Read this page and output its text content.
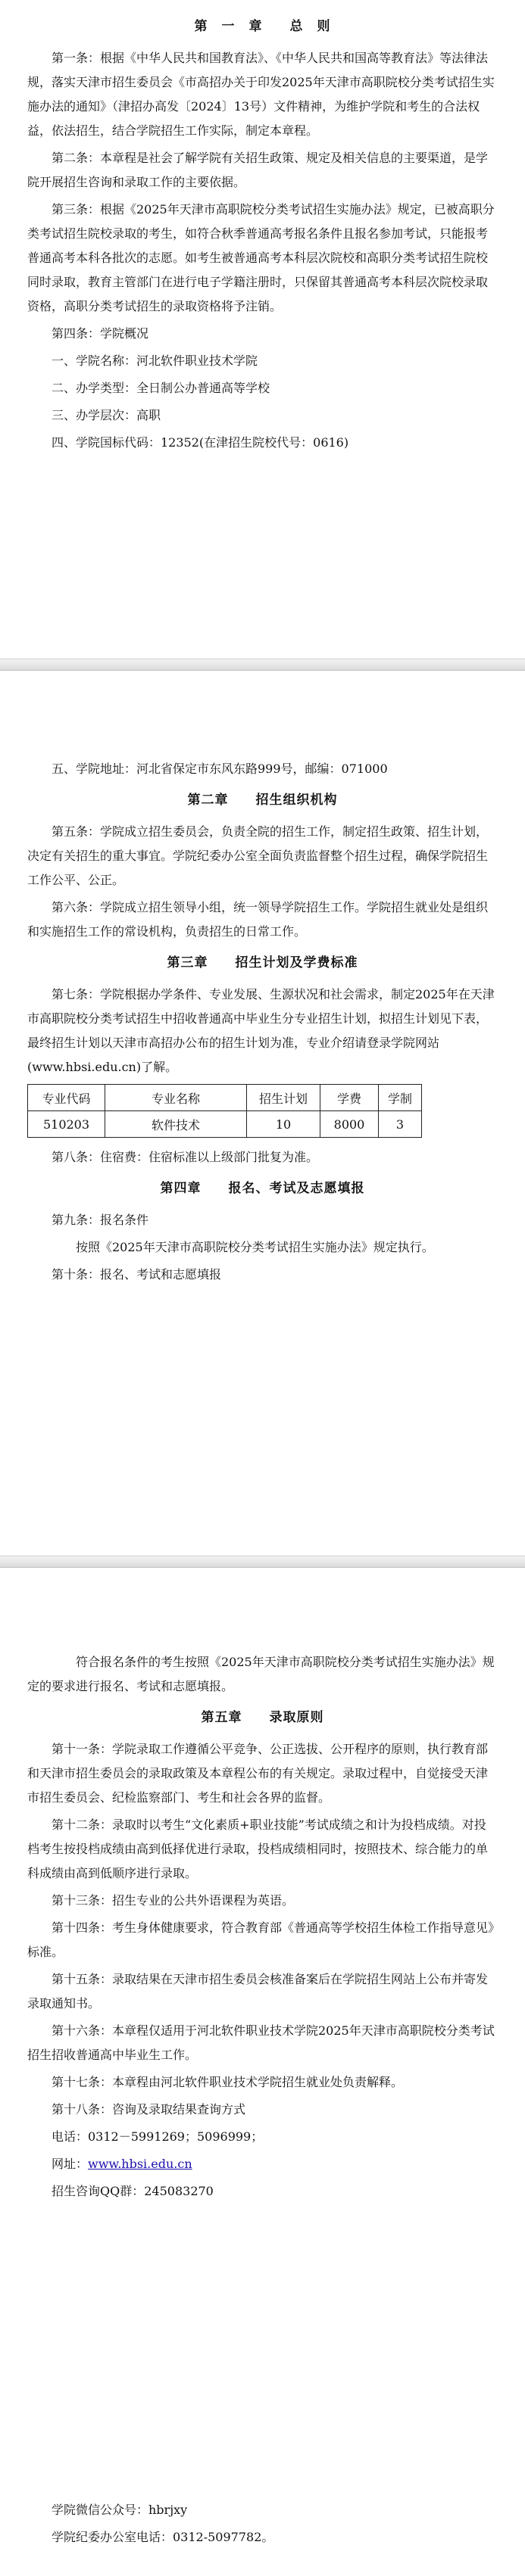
第　一　章　　总　则

第一条：根据《中华人民共和国教育法》、《中华人民共和国高等教育法》等法律法规，落实天津市招生委员会《市高招办关于印发2025年天津市高职院校分类考试招生实施办法的通知》（津招办高发〔2024〕13号）文件精神，为维护学院和考生的合法权益，依法招生，结合学院招生工作实际，制定本章程。

第二条：本章程是社会了解学院有关招生政策、规定及相关信息的主要渠道，是学院开展招生咨询和录取工作的主要依据。

第三条：根据《2025年天津市高职院校分类考试招生实施办法》规定，已被高职分类考试招生院校录取的考生，如符合秋季普通高考报名条件且报名参加考试，只能报考普通高考本科各批次的志愿。如考生被普通高考本科层次院校和高职分类考试招生院校同时录取，教育主管部门在进行电子学籍注册时，只保留其普通高考本科层次院校录取资格，高职分类考试招生的录取资格将予注销。

第四条：学院概况

一、学院名称：河北软件职业技术学院

二、办学类型：全日制公办普通高等学校

三、办学层次：高职

四、学院国标代码：12352(在津招生院校代号：0616)

五、学院地址：河北省保定市东风东路999号，邮编：071000

第二章　　招生组织机构

第五条：学院成立招生委员会，负责全院的招生工作，制定招生政策、招生计划，决定有关招生的重大事宜。学院纪委办公室全面负责监督整个招生过程，确保学院招生工作公平、公正。

第六条：学院成立招生领导小组，统一领导学院招生工作。学院招生就业处是组织和实施招生工作的常设机构，负责招生的日常工作。

第三章　　招生计划及学费标准

第七条：学院根据办学条件、专业发展、生源状况和社会需求，制定2025年在天津市高职院校分类考试招生中招收普通高中毕业生分专业招生计划，拟招生计划见下表，最终招生计划以天津市高招办公布的招生计划为准，专业介绍请登录学院网站(www.hbsi.edu.cn)了解。

专业代码	专业名称	招生计划	学费	学制
510203	软件技术	10	8000	3

第八条：住宿费：住宿标准以上级部门批复为准。

第四章　　报名、考试及志愿填报

第九条：报名条件

按照《2025年天津市高职院校分类考试招生实施办法》规定执行。

第十条：报名、考试和志愿填报

符合报名条件的考生按照《2025年天津市高职院校分类考试招生实施办法》规定的要求进行报名、考试和志愿填报。

第五章　　录取原则

第十一条：学院录取工作遵循公平竞争、公正选拔、公开程序的原则，执行教育部和天津市招生委员会的录取政策及本章程公布的有关规定。录取过程中，自觉接受天津市招生委员会、纪检监察部门、考生和社会各界的监督。

第十二条：录取时以考生“文化素质+职业技能”考试成绩之和计为投档成绩。对投档考生按投档成绩由高到低择优进行录取，投档成绩相同时，按照技术、综合能力的单科成绩由高到低顺序进行录取。

第十三条：招生专业的公共外语课程为英语。

第十四条：考生身体健康要求，符合教育部《普通高等学校招生体检工作指导意见》标准。

第十五条：录取结果在天津市招生委员会核准备案后在学院招生网站上公布并寄发录取通知书。

第十六条：本章程仅适用于河北软件职业技术学院2025年天津市高职院校分类考试招生招收普通高中毕业生工作。

第十七条：本章程由河北软件职业技术学院招生就业处负责解释。

第十八条：咨询及录取结果查询方式

电话：0312－5991269；5096999；

网址：www.hbsi.edu.cn

招生咨询QQ群：245083270

学院微信公众号：hbrjxy

学院纪委办公室电话：0312-5097782。
